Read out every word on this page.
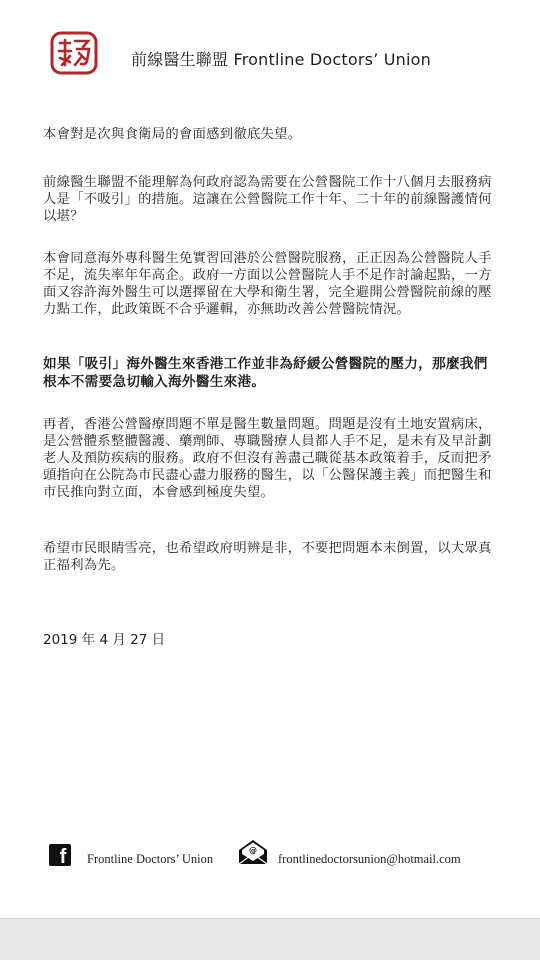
前線醫生聯盟 Frontline Doctors’ Union

本會對是次與食衛局的會面感到徹底失望。

前線醫生聯盟不能理解為何政府認為需要在公營醫院工作十八個月去服務病人是「不吸引」的措施。這讓在公營醫院工作十年、二十年的前線醫護情何以堪？

本會同意海外專科醫生免實習回港於公營醫院服務，正正因為公營醫院人手不足，流失率年年高企。政府一方面以公營醫院人手不足作討論起點，一方面又容許海外醫生可以選擇留在大學和衛生署，完全避開公營醫院前線的壓力點工作，此政策既不合乎邏輯，亦無助改善公營醫院情況。

如果「吸引」海外醫生來香港工作並非為紓緩公營醫院的壓力，那麼我們根本不需要急切輸入海外醫生來港。

再者，香港公營醫療問題不單是醫生數量問題。問題是沒有土地安置病床，是公營體系整體醫護、藥劑師、專職醫療人員都人手不足，是未有及早計劃老人及預防疾病的服務。政府不但沒有善盡己職從基本政策着手，反而把矛頭指向在公院為市民盡心盡力服務的醫生，以「公醫保護主義」而把醫生和市民推向對立面，本會感到極度失望。

希望市民眼睛雪亮，也希望政府明辨是非，不要把問題本末倒置，以大眾真正福利為先。

2019 年 4 月 27 日
f	Frontline Doctors’ Union
@
frontlinedoctorsunion@hotmail.com
